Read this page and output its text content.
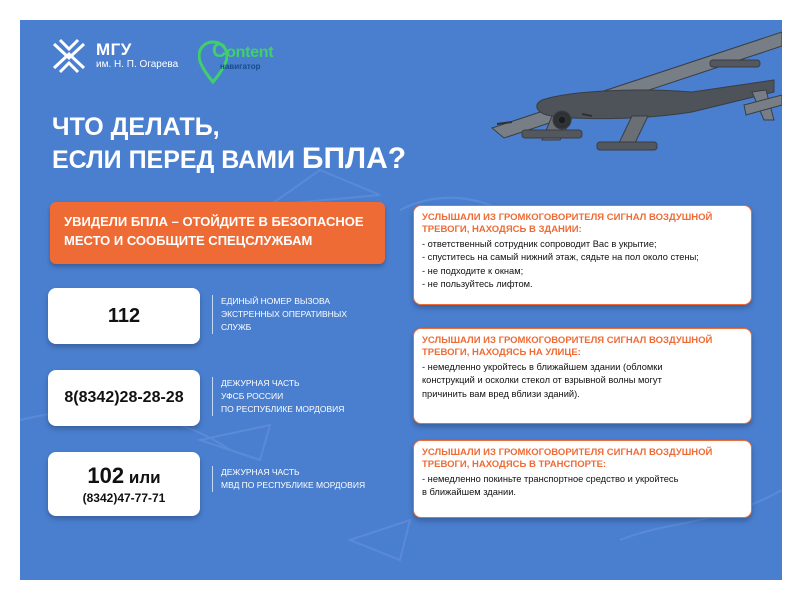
МГУ
им. Н. П. Огарева
Content
навигатор
ЧТО ДЕЛАТЬ,
ЕСЛИ ПЕРЕД ВАМИ БПЛА?
УВИДЕЛИ БПЛА – ОТОЙДИТЕ В БЕЗОПАСНОЕ
МЕСТО И СООБЩИТЕ СПЕЦСЛУЖБАМ
112
ЕДИНЫЙ НОМЕР ВЫЗОВА
ЭКСТРЕННЫХ ОПЕРАТИВНЫХ
СЛУЖБ
8(8342)28-28-28
ДЕЖУРНАЯ ЧАСТЬ
УФСБ РОССИИ
ПО РЕСПУБЛИКЕ МОРДОВИЯ
102 или
(8342)47-77-71
ДЕЖУРНАЯ ЧАСТЬ
МВД ПО РЕСПУБЛИКЕ МОРДОВИЯ
УСЛЫШАЛИ ИЗ ГРОМКОГОВОРИТЕЛЯ СИГНАЛ ВОЗДУШНОЙ
ТРЕВОГИ, НАХОДЯСЬ В ЗДАНИИ:
- ответственный сотрудник сопроводит Вас в укрытие;
- спуститесь на самый нижний этаж, сядьте на пол около стены;
- не подходите к окнам;
- не пользуйтесь лифтом.
УСЛЫШАЛИ ИЗ ГРОМКОГОВОРИТЕЛЯ СИГНАЛ ВОЗДУШНОЙ
ТРЕВОГИ, НАХОДЯСЬ НА УЛИЦЕ:
- немедленно укройтесь в ближайшем здании (обломки
конструкций и осколки стекол от взрывной волны могут
причинить вам вред вблизи зданий).
УСЛЫШАЛИ ИЗ ГРОМКОГОВОРИТЕЛЯ СИГНАЛ ВОЗДУШНОЙ
ТРЕВОГИ, НАХОДЯСЬ В ТРАНСПОРТЕ:
- немедленно покиньте транспортное средство и укройтесь
в ближайшем здании.
